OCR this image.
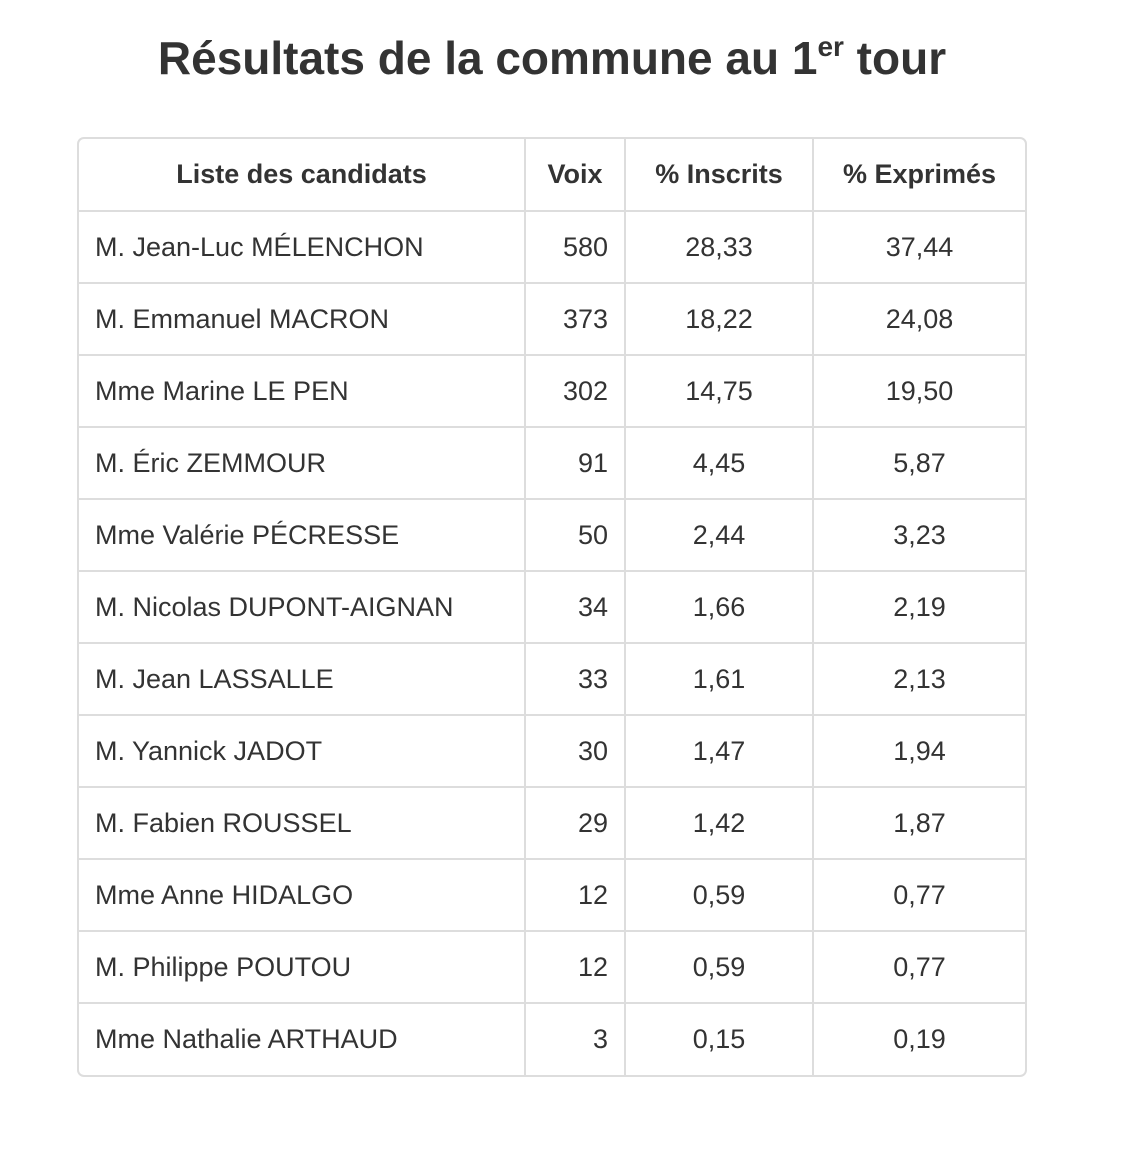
Résultats de la commune au 1er tour
Liste des candidats	Voix	% Inscrits	% Exprimés
M. Jean-Luc MÉLENCHON	580	28,33	37,44
M. Emmanuel MACRON	373	18,22	24,08
Mme Marine LE PEN	302	14,75	19,50
M. Éric ZEMMOUR	91	4,45	5,87
Mme Valérie PÉCRESSE	50	2,44	3,23
M. Nicolas DUPONT-AIGNAN	34	1,66	2,19
M. Jean LASSALLE	33	1,61	2,13
M. Yannick JADOT	30	1,47	1,94
M. Fabien ROUSSEL	29	1,42	1,87
Mme Anne HIDALGO	12	0,59	0,77
M. Philippe POUTOU	12	0,59	0,77
Mme Nathalie ARTHAUD	3	0,15	0,19
